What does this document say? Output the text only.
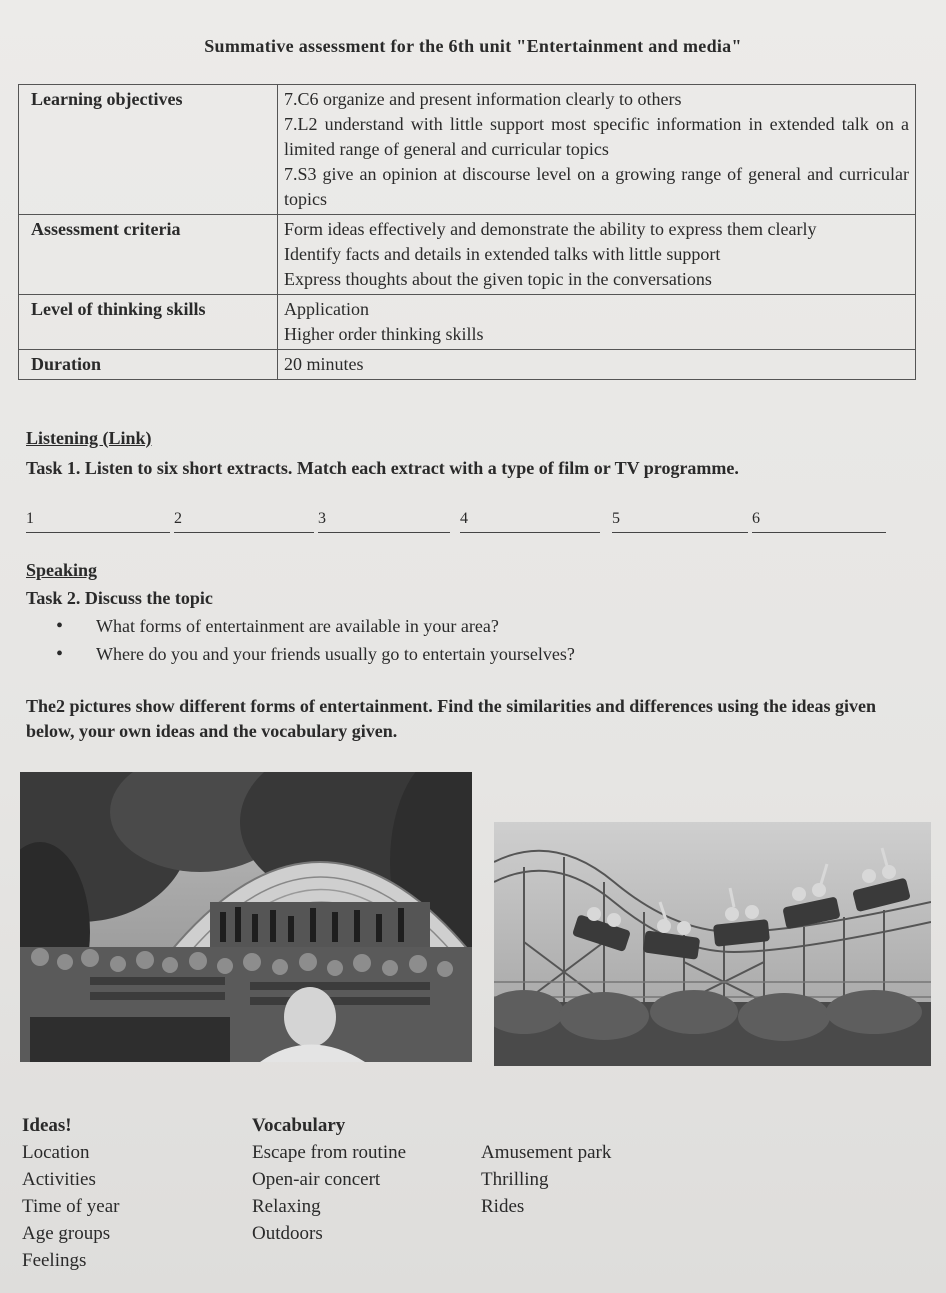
Summative assessment for the 6th unit "Entertainment and media"
Learning objectives	7.C6 organize and present information clearly to others
7.L2 understand with little support most specific information in extended talk on a limited range of general and curricular topics
7.S3 give an opinion at discourse level on a growing range of general and curricular topics

Assessment criteria	Form ideas effectively and demonstrate the ability to express them clearly
Identify facts and details in extended talks with little support
Express thoughts about the given topic in the conversations

Level of thinking skills	Application
Higher order thinking skills

Duration	20 minutes
Listening (Link)
Task 1. Listen to six short extracts. Match each extract with a type of film or TV programme.
1	2	3	4	5	6
Speaking
Task 2. Discuss the topic
• What forms of entertainment are available in your area?
• Where do you and your friends usually go to entertain yourselves?
The2 pictures show different forms of entertainment. Find the similarities and differences using the ideas given below, your own ideas and the vocabulary given.
Ideas!
Location
Activities
Time of year
Age groups
Feelings
Vocabulary
Escape from routine
Open-air concert
Relaxing
Outdoors
Amusement park
Thrilling
Rides
